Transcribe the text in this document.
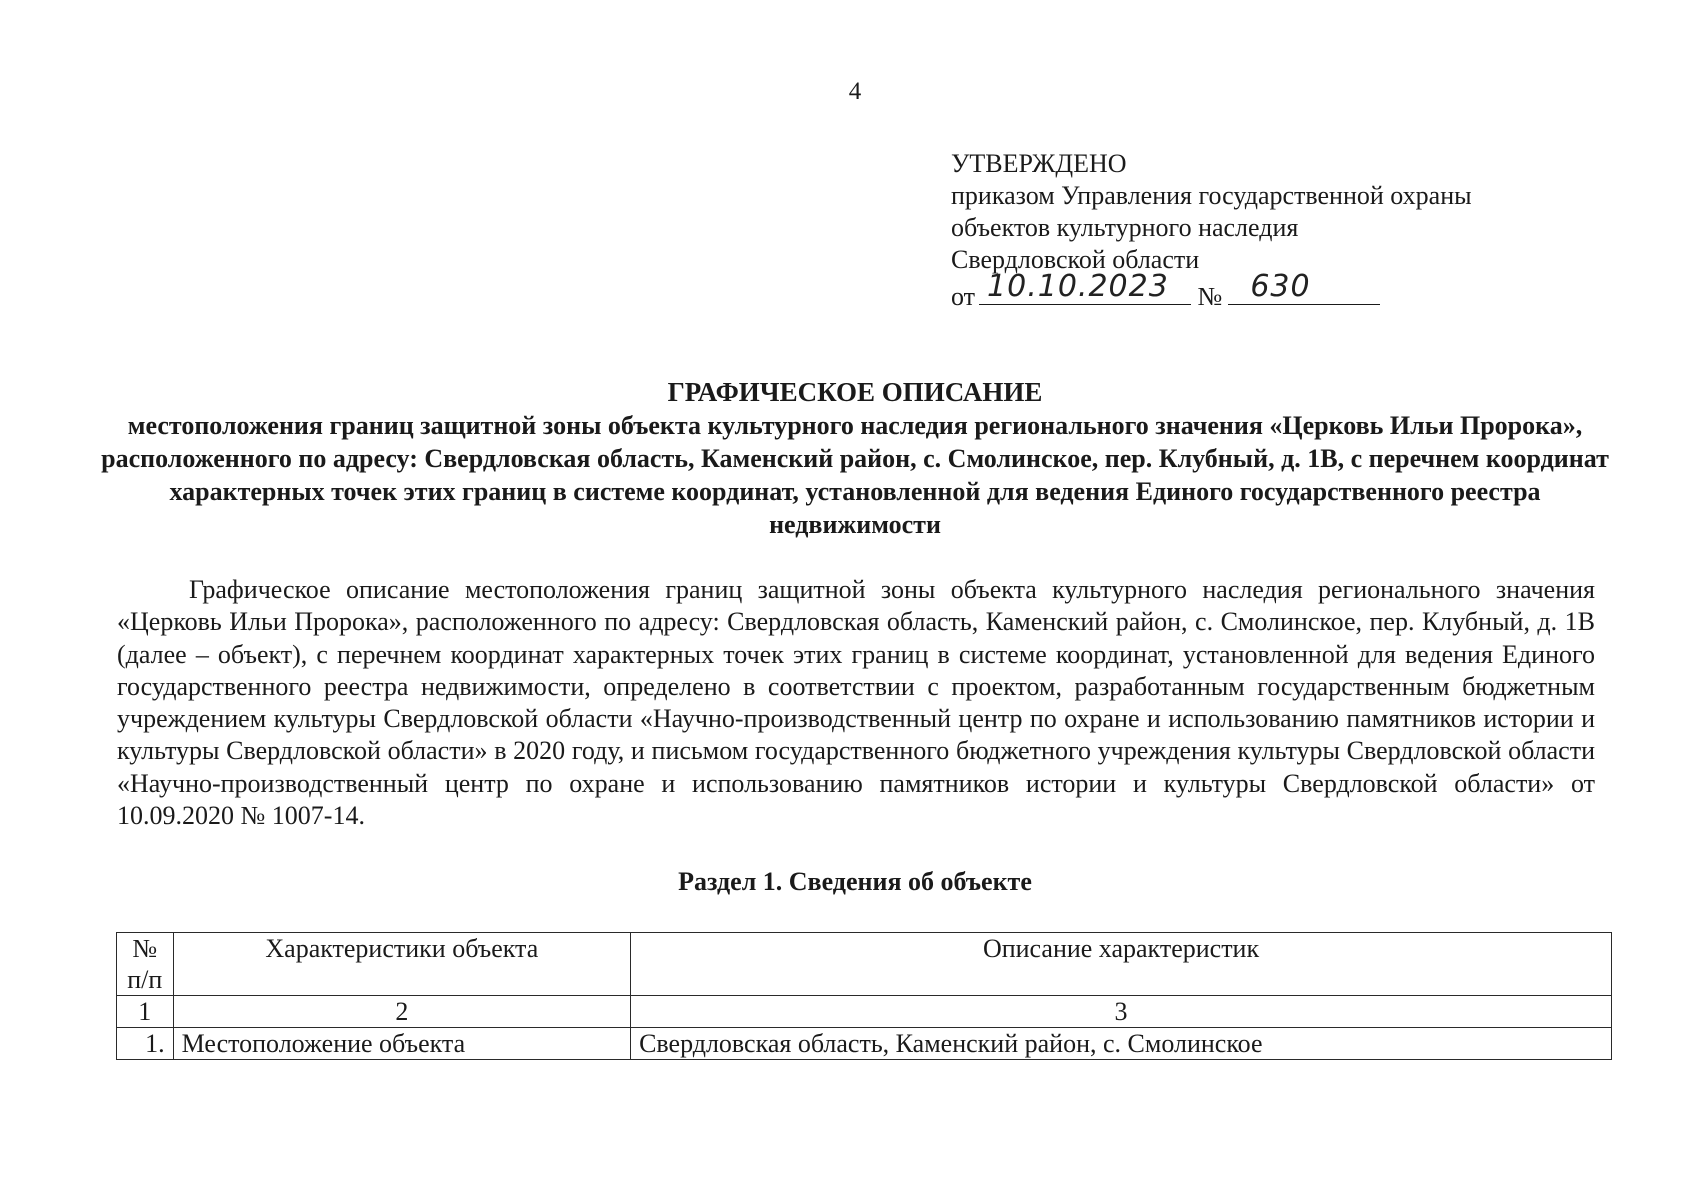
4
УТВЕРЖДЕНО
приказом Управления государственной охраны
объектов культурного наследия
Свердловской области
от 10.10.2023 № 630
ГРАФИЧЕСКОЕ ОПИСАНИЕ
местоположения границ защитной зоны объекта культурного наследия регионального значения «Церковь Ильи Пророка», расположенного по адресу: Свердловская область, Каменский район, с. Смолинское, пер. Клубный, д. 1В, с перечнем координат характерных точек этих границ в системе координат, установленной для ведения Единого государственного реестра недвижимости

Графическое описание местоположения границ защитной зоны объекта культурного наследия регионального значения «Церковь Ильи Пророка», расположенного по адресу: Свердловская область, Каменский район, с. Смолинское, пер. Клубный, д. 1В (далее – объект), с перечнем координат характерных точек этих границ в системе координат, установленной для ведения Единого государственного реестра недвижимости, определено в соответствии с проектом, разработанным государственным бюджетным учреждением культуры Свердловской области «Научно-производственный центр по охране и использованию памятников истории и культуры Свердловской области» в 2020 году, и письмом государственного бюджетного учреждения культуры Свердловской области «Научно-производственный центр по охране и использованию памятников истории и культуры Свердловской области» от 10.09.2020 № 1007-14.

Раздел 1. Сведения об объекте
№
п/п	Характеристики объекта	Описание характеристик
1	2	3
1.	Местоположение объекта	Свердловская область, Каменский район, с. Смолинское
